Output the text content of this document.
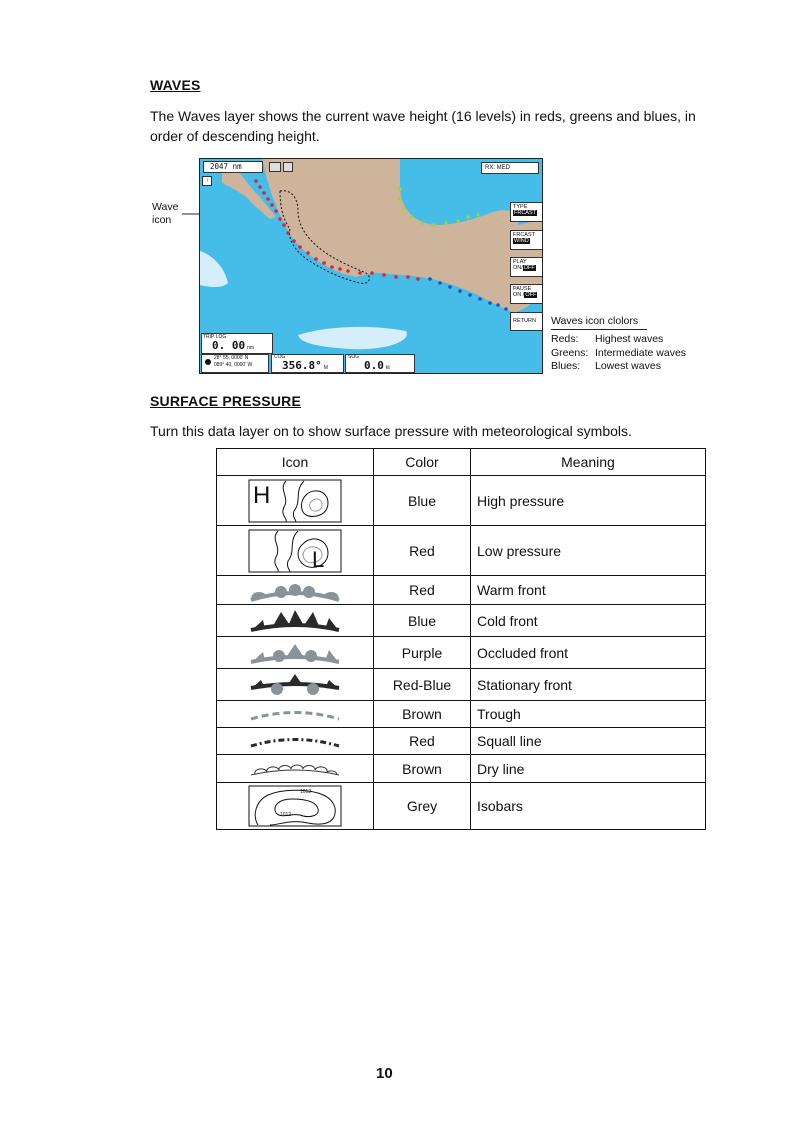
WAVES
The Waves layer shows the current wave height (16 levels) in reds, greens and blues, in order of descending height.
Wave
icon
2047 nm
↑
RX: MED
TYPE
FRCAST
FRCAST
WIND
PLAY
ON/OFF
PAUSE
ON /OFF
RETURN
TRIP LOG
0. 00 nm
28° 55, 0000' N
089° 40, 0000' W
COG
356.8° M
SOG
0.0 kt
Waves icon clolors
Reds:	Highest waves
Greens: Intermediate waves
Blues:	Lowest waves
SURFACE PRESSURE
Turn this data layer on to show surface pressure with meteorological symbols.
Icon	Color	Meaning

H	Blue	High pressure

L	Red	Low pressure

	Red	Warm front

	Blue	Cold front

	Purple	Occluded front

	Red-Blue	Stationary front

	Brown	Trough

	Red	Squall line

	Brown	Dry line

1012
1012	Grey	Isobars
10
